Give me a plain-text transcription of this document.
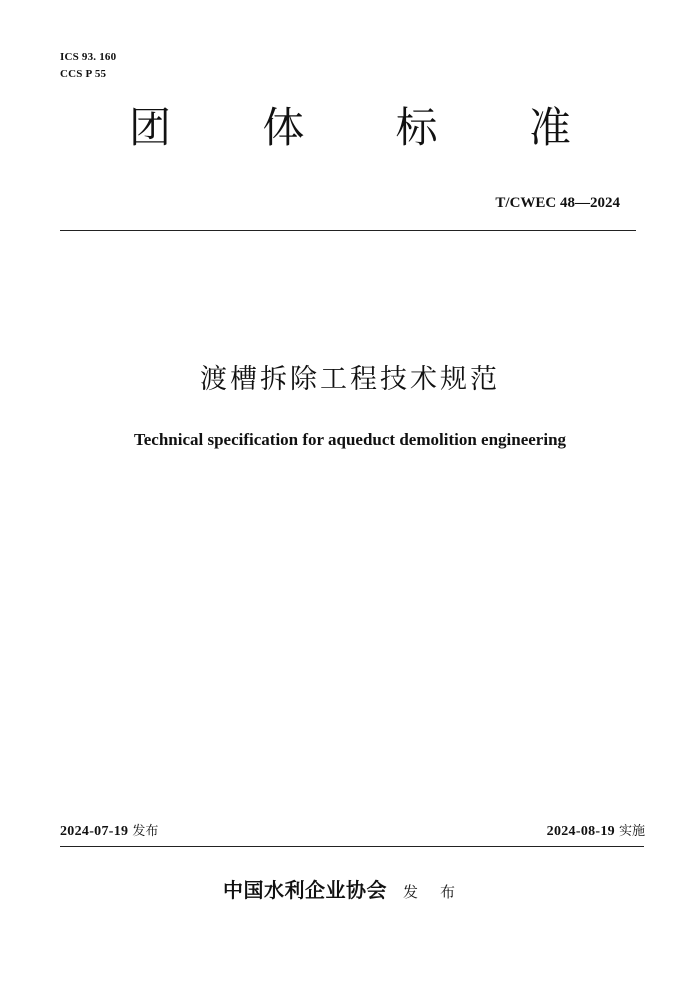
ICS 93. 160
CCS P 55
团 体 标 准
T/CWEC 48—2024
渡槽拆除工程技术规范
Technical specification for aqueduct demolition engineering
2024-07-19 发布	2024-08-19 实施
中国水利企业协会 发布
